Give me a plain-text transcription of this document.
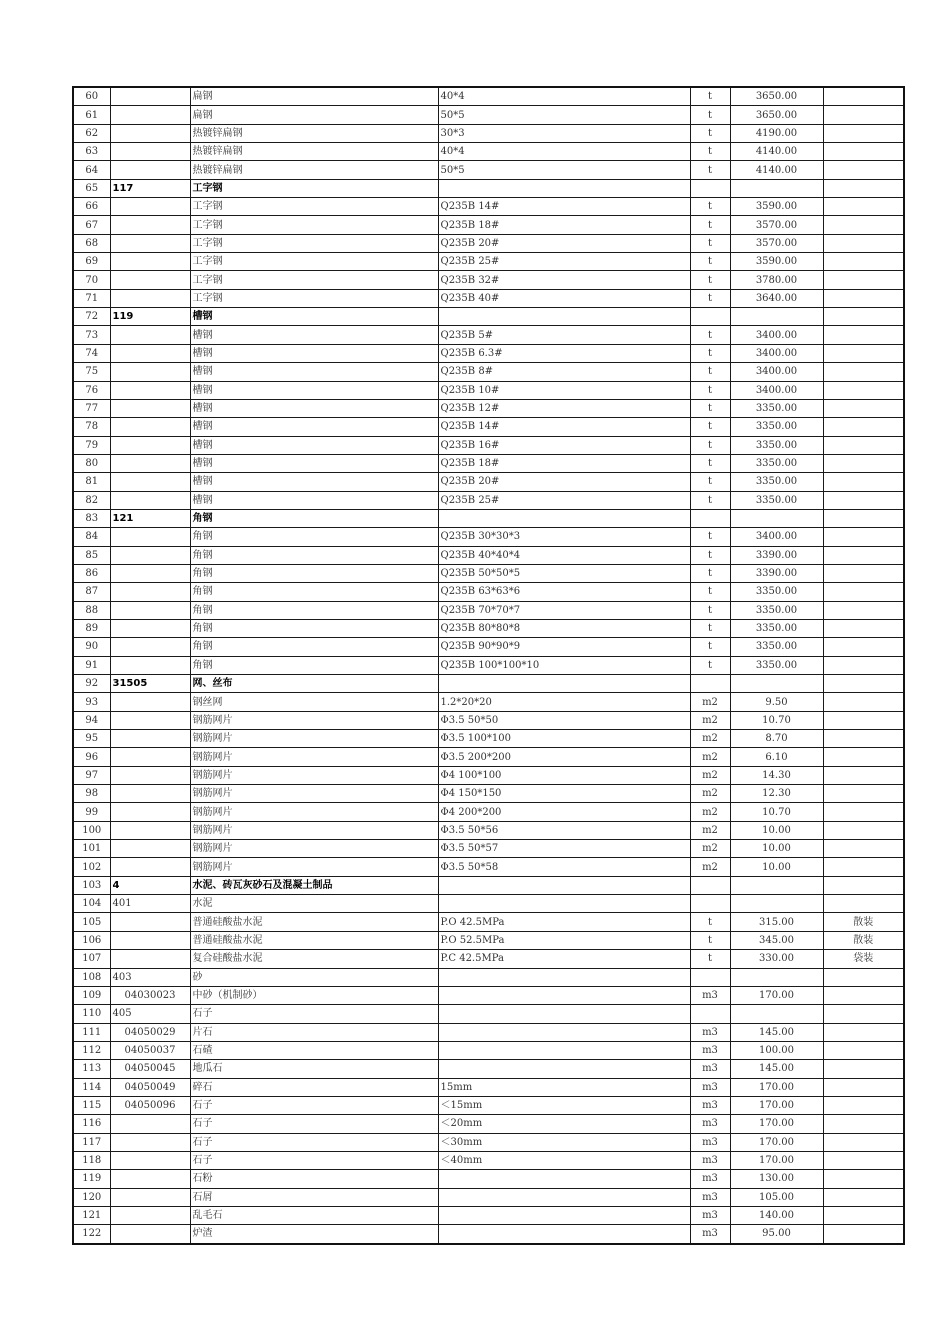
60		扁钢	40*4	t	3650.00	
61		扁钢	50*5	t	3650.00	
62		热镀锌扁钢	30*3	t	4190.00	
63		热镀锌扁钢	40*4	t	4140.00	
64		热镀锌扁钢	50*5	t	4140.00	
65	117	工字钢				
66		工字钢	Q235B 14#	t	3590.00	
67		工字钢	Q235B 18#	t	3570.00	
68		工字钢	Q235B 20#	t	3570.00	
69		工字钢	Q235B 25#	t	3590.00	
70		工字钢	Q235B 32#	t	3780.00	
71		工字钢	Q235B 40#	t	3640.00	
72	119	槽钢				
73		槽钢	Q235B 5#	t	3400.00	
74		槽钢	Q235B 6.3#	t	3400.00	
75		槽钢	Q235B 8#	t	3400.00	
76		槽钢	Q235B 10#	t	3400.00	
77		槽钢	Q235B 12#	t	3350.00	
78		槽钢	Q235B 14#	t	3350.00	
79		槽钢	Q235B 16#	t	3350.00	
80		槽钢	Q235B 18#	t	3350.00	
81		槽钢	Q235B 20#	t	3350.00	
82		槽钢	Q235B 25#	t	3350.00	
83	121	角钢				
84		角钢	Q235B 30*30*3	t	3400.00	
85		角钢	Q235B 40*40*4	t	3390.00	
86		角钢	Q235B 50*50*5	t	3390.00	
87		角钢	Q235B 63*63*6	t	3350.00	
88		角钢	Q235B 70*70*7	t	3350.00	
89		角钢	Q235B 80*80*8	t	3350.00	
90		角钢	Q235B 90*90*9	t	3350.00	
91		角钢	Q235B 100*100*10	t	3350.00	
92	31505	网、丝布				
93		钢丝网	1.2*20*20	m2	9.50	
94		钢筋网片	Φ3.5 50*50	m2	10.70	
95		钢筋网片	Φ3.5 100*100	m2	8.70	
96		钢筋网片	Φ3.5 200*200	m2	6.10	
97		钢筋网片	Φ4 100*100	m2	14.30	
98		钢筋网片	Φ4 150*150	m2	12.30	
99		钢筋网片	Φ4 200*200	m2	10.70	
100		钢筋网片	Φ3.5 50*56	m2	10.00	
101		钢筋网片	Φ3.5 50*57	m2	10.00	
102		钢筋网片	Φ3.5 50*58	m2	10.00	
103	4	水泥、砖瓦灰砂石及混凝土制品				
104	401	水泥				
105		普通硅酸盐水泥	P.O 42.5MPa	t	315.00	散装
106		普通硅酸盐水泥	P.O 52.5MPa	t	345.00	散装
107		复合硅酸盐水泥	P.C 42.5MPa	t	330.00	袋装
108	403	砂				
109	04030023	中砂（机制砂）		m3	170.00	
110	405	石子				
111	04050029	片石		m3	145.00	
112	04050037	石碴		m3	100.00	
113	04050045	地瓜石		m3	145.00	
114	04050049	碎石	15mm	m3	170.00	
115	04050096	石子	＜15mm	m3	170.00	
116		石子	＜20mm	m3	170.00	
117		石子	＜30mm	m3	170.00	
118		石子	＜40mm	m3	170.00	
119		石粉		m3	130.00	
120		石屑		m3	105.00	
121		乱毛石		m3	140.00	
122		炉渣		m3	95.00	
